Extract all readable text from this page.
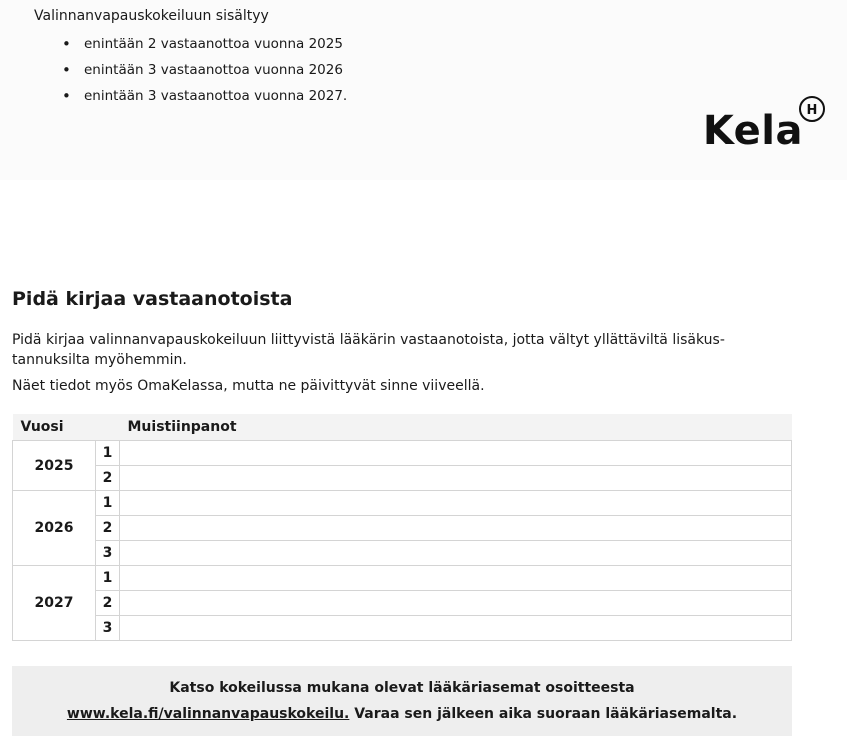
Valinnanvapauskokeiluun sisältyy
• enintään 2 vastaanottoa vuonna 2025
• enintään 3 vastaanottoa vuonna 2026
• enintään 3 vastaanottoa vuonna 2027.
Kela H
Pidä kirjaa vastaanotoista

Pidä kirjaa valinnanvapauskokeiluun liittyvistä lääkärin vastaanotoista, jotta vältyt yllättäviltä lisäkus-tannuksilta myöhemmin.

Näet tiedot myös OmaKelassa, mutta ne päivittyvät sinne viiveellä.

Vuosi		Muistiinpanot
2025	1	
	2	
2026	1	
	2	
	3	
2027	1	
	2	
	3	
Katso kokeilussa mukana olevat lääkäriasemat osoitteesta
www.kela.fi/valinnanvapauskokeilu. Varaa sen jälkeen aika suoraan lääkäriasemalta.
